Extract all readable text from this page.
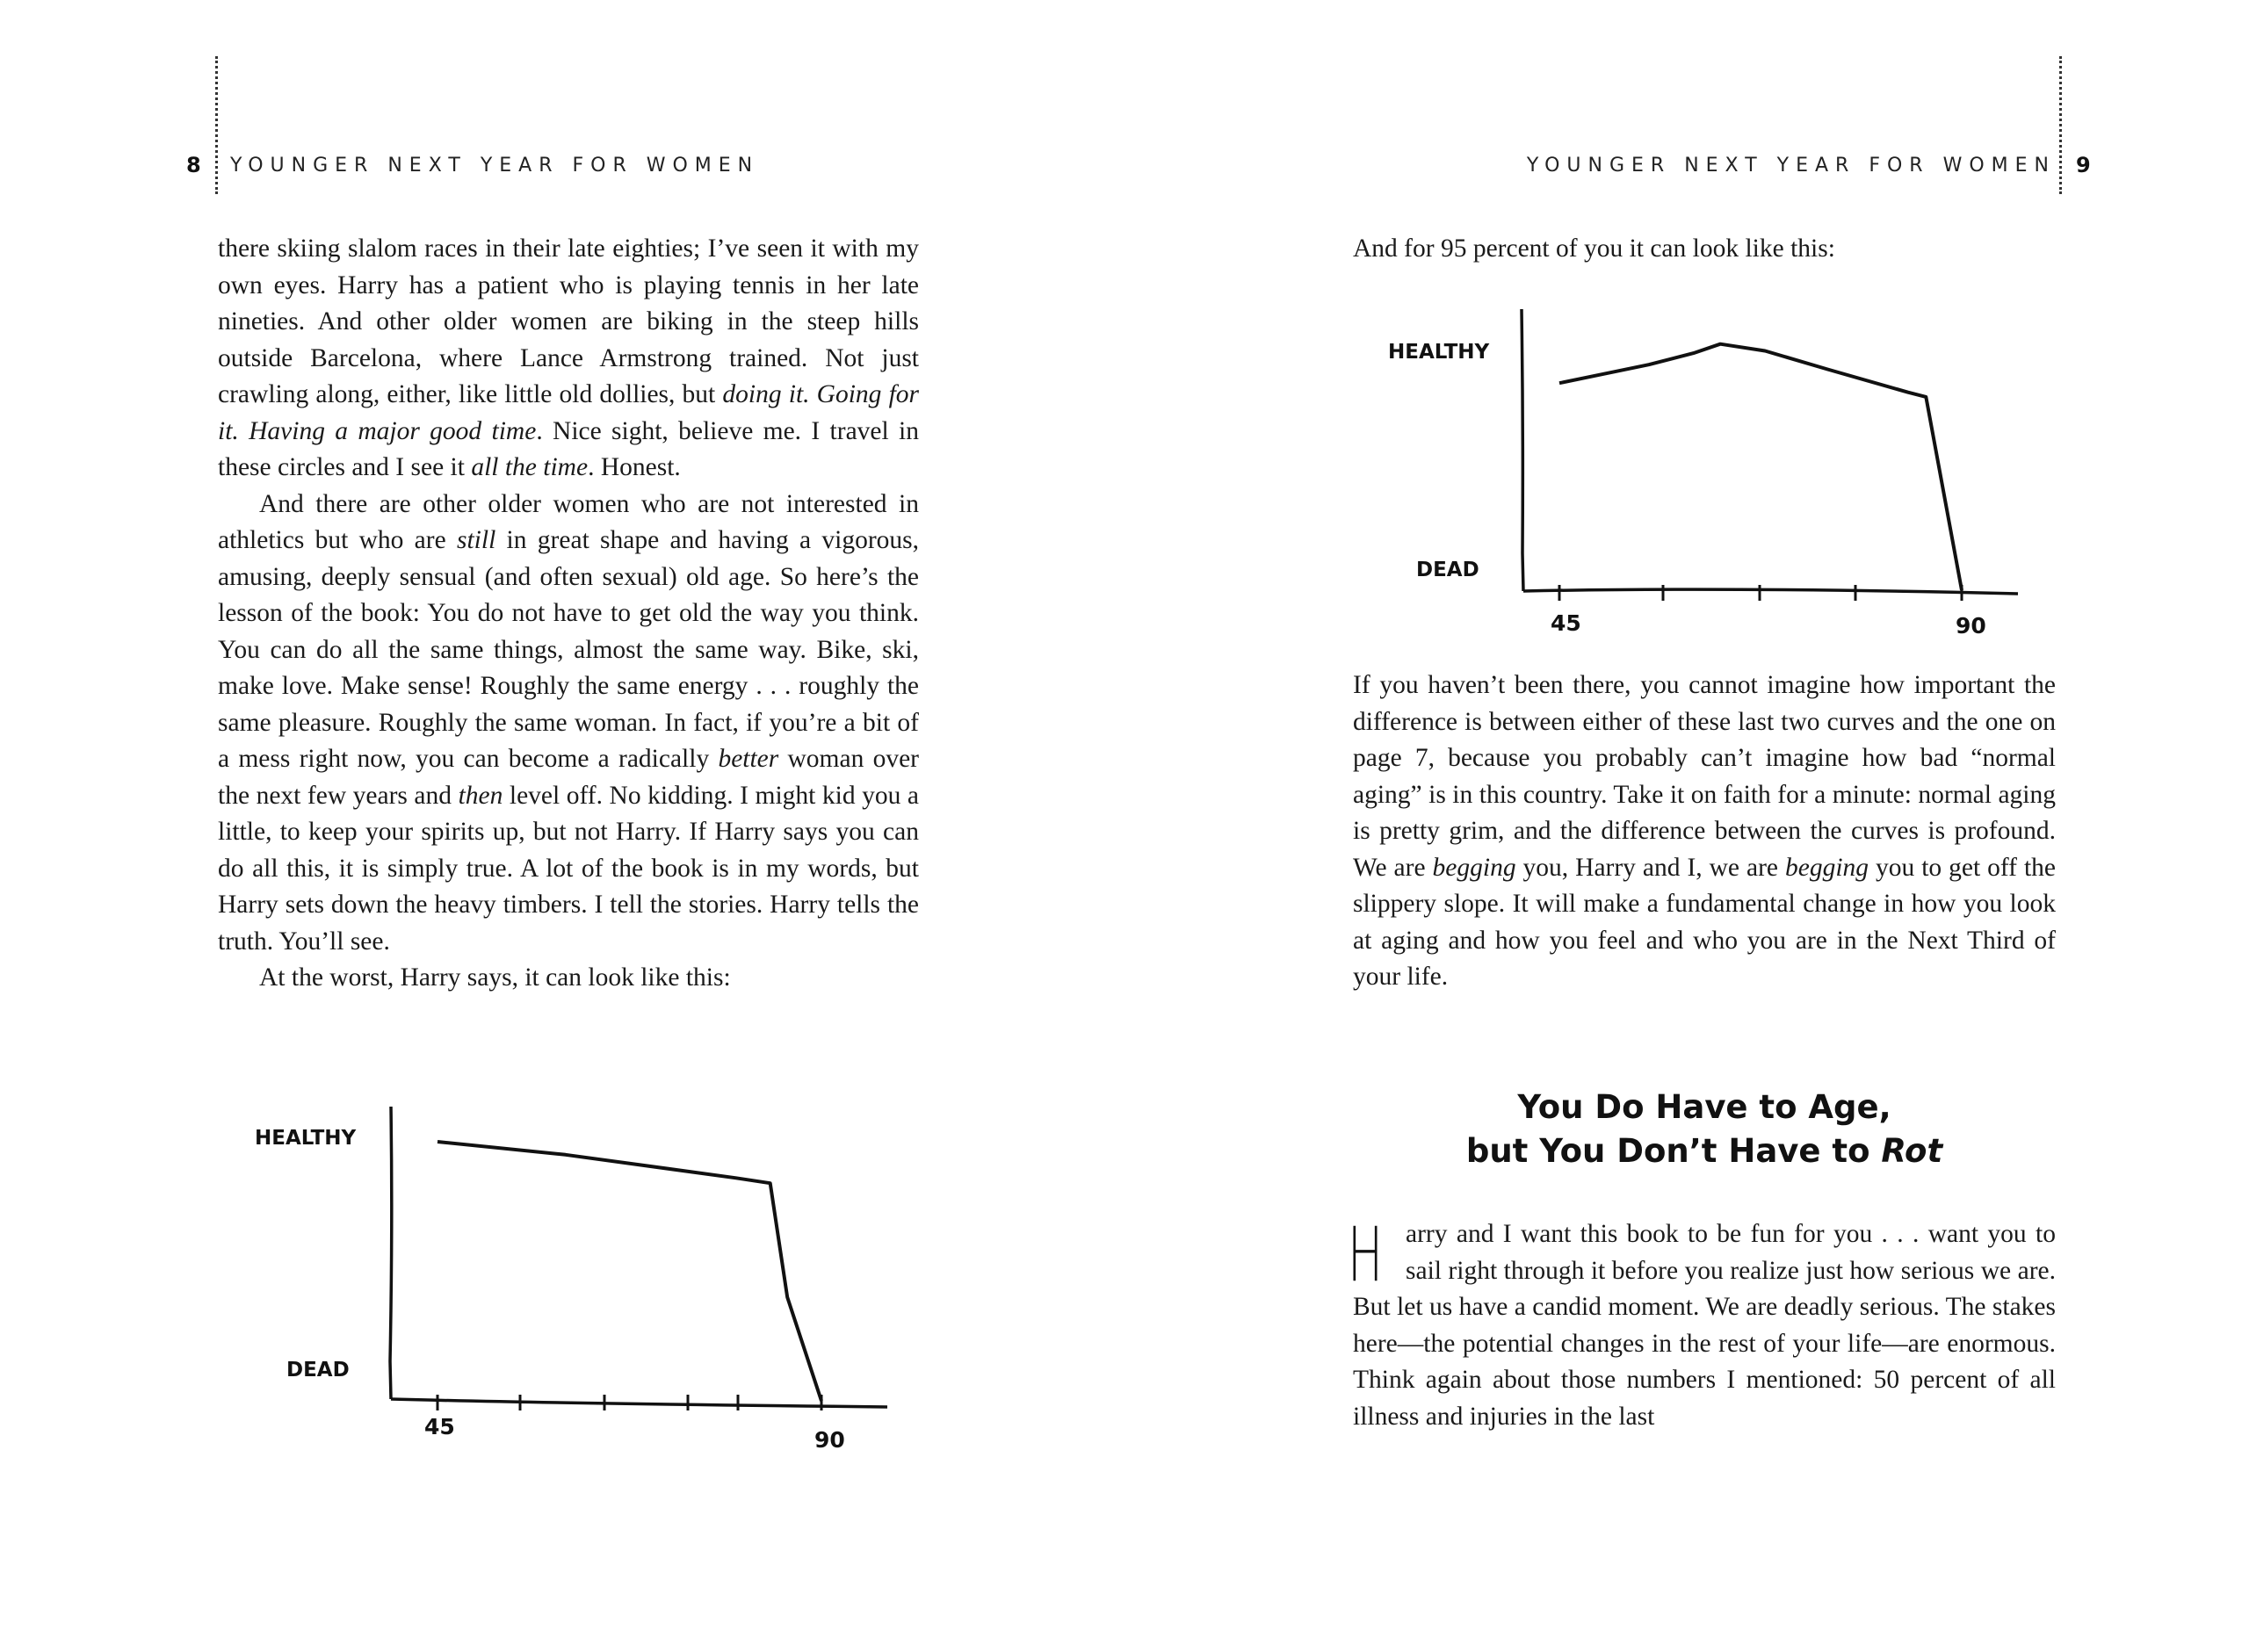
8 YOUNGER NEXT YEAR FOR WOMEN

there skiing slalom races in their late eighties; I’ve seen it with my own eyes. Harry has a patient who is playing tennis in her late nineties. And other older women are biking in the steep hills outside Barcelona, where Lance Armstrong trained. Not just crawling along, either, like little old dollies, but doing it. Going for it. Having a major good time. Nice sight, believe me. I travel in these circles and I see it all the time. Honest.

And there are other older women who are not interested in athletics but who are still in great shape and having a vigorous, amusing, deeply sensual (and often sexual) old age. So here’s the lesson of the book: You do not have to get old the way you think. You can do all the same things, almost the same way. Bike, ski, make love. Make sense! Roughly the same energy . . . roughly the same pleasure. Roughly the same woman. In fact, if you’re a bit of a mess right now, you can become a radically better woman over the next few years and then level off. No kidding. I might kid you a little, to keep your spirits up, but not Harry. If Harry says you can do all this, it is simply true. A lot of the book is in my words, but Harry sets down the heavy timbers. I tell the stories. Harry tells the truth. You’ll see.

At the worst, Harry says, it can look like this:

HEALTHY
DEAD
45
90
YOUNGER NEXT YEAR FOR WOMEN 9

And for 95 percent of you it can look like this:

HEALTHY
DEAD
45	90

If you haven’t been there, you cannot imagine how important the difference is between either of these last two curves and the one on page 7, because you probably can’t imagine how bad “normal aging” is in this country. Take it on faith for a minute: normal aging is pretty grim, and the difference between the curves is profound. We are begging you, Harry and I, we are begging you to get off the slippery slope. It will make a fundamental change in how you look at aging and how you feel and who you are in the Next Third of your life.

You Do Have to Age,
but You Don’t Have to Rot

Harry and I want this book to be fun for you . . . want you to sail right through it before you realize just how serious we are. But let us have a candid moment. We are deadly serious. The stakes here—the potential changes in the rest of your life—are enormous. Think again about those numbers I mentioned: 50 percent of all illness and injuries in the last
